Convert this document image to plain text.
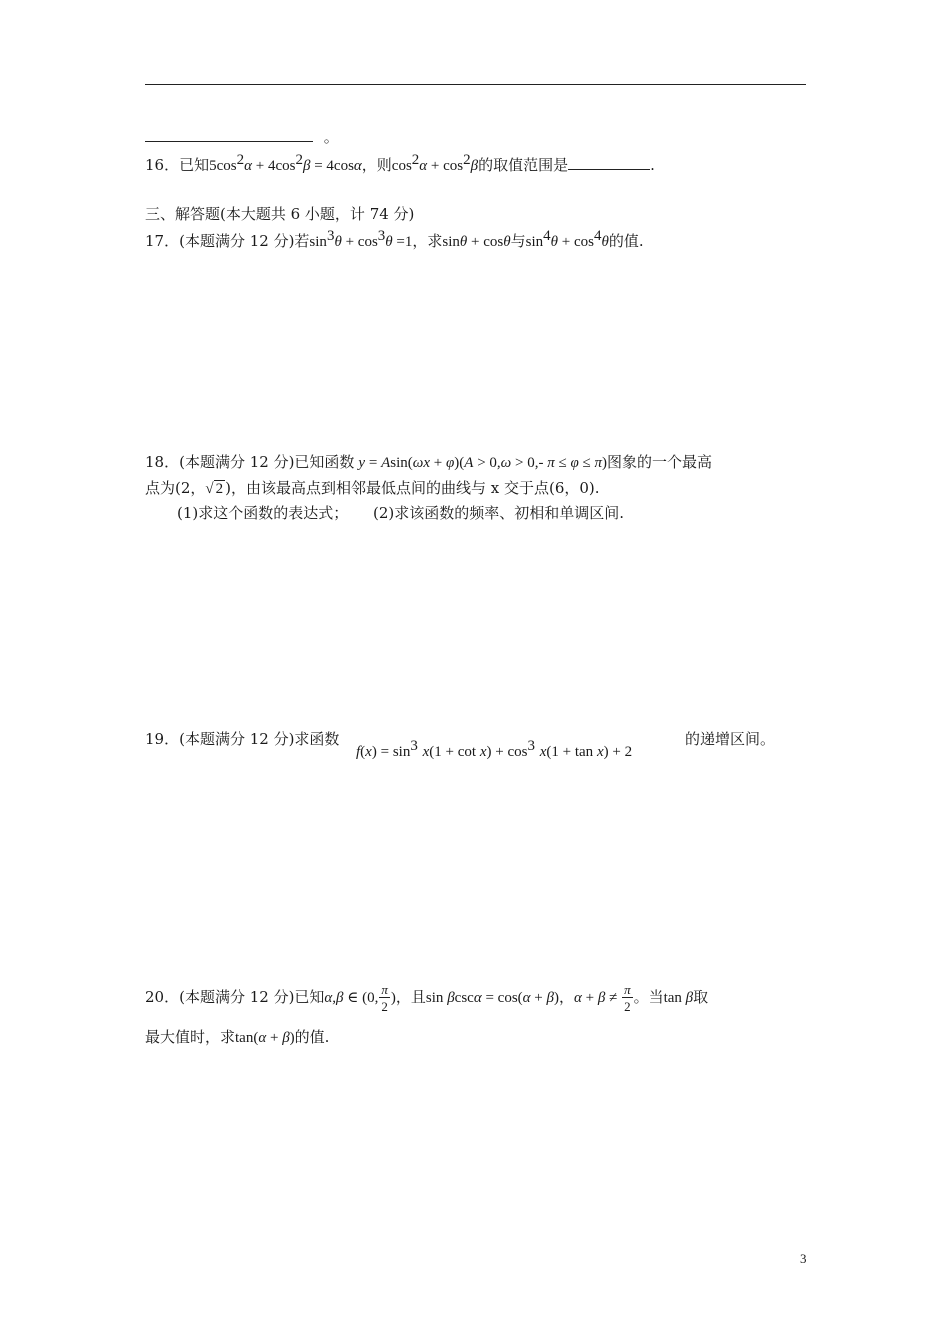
。
16．已知$5\cos^2\alpha + 4\cos^2\beta = 4\cos\alpha$，则$\cos^2\alpha + \cos^2\beta$的取值范围是	.
三、解答题(本大题共 6 小题，计 74 分)
17．(本题满分 12 分)若$\sin^3\theta + \cos^3\theta =1$，求sinθ + cosθ与$\sin^4\theta + \cos^4\theta$的值.
18．(本题满分 12 分)已知函数 y = Asin(ωx + φ)(A > 0,ω > 0,- π ≤ φ ≤ π)图象的一个最高
点为(2，√ 2 )，由该最高点到相邻最低点间的曲线与 x 交于点(6，0).
(1)求这个函数的表达式； (2)求该函数的频率、初相和单调区间.
19．(本题满分 12 分)求函数
$f(x) = \sin^3 x(1 + \cot x) + \cos^3 x(1 + \tan x) + 2$
的递增区间。
20．(本题满分 12 分)已知α,β ∈ (0, $\frac{\pi}{2}$ )，且sin βcscα = cos(α + β)，$\alpha + \beta \ne \frac{\pi}{2}$ 。当tan β取
最大值时，求tan(α + β)的值.
3
